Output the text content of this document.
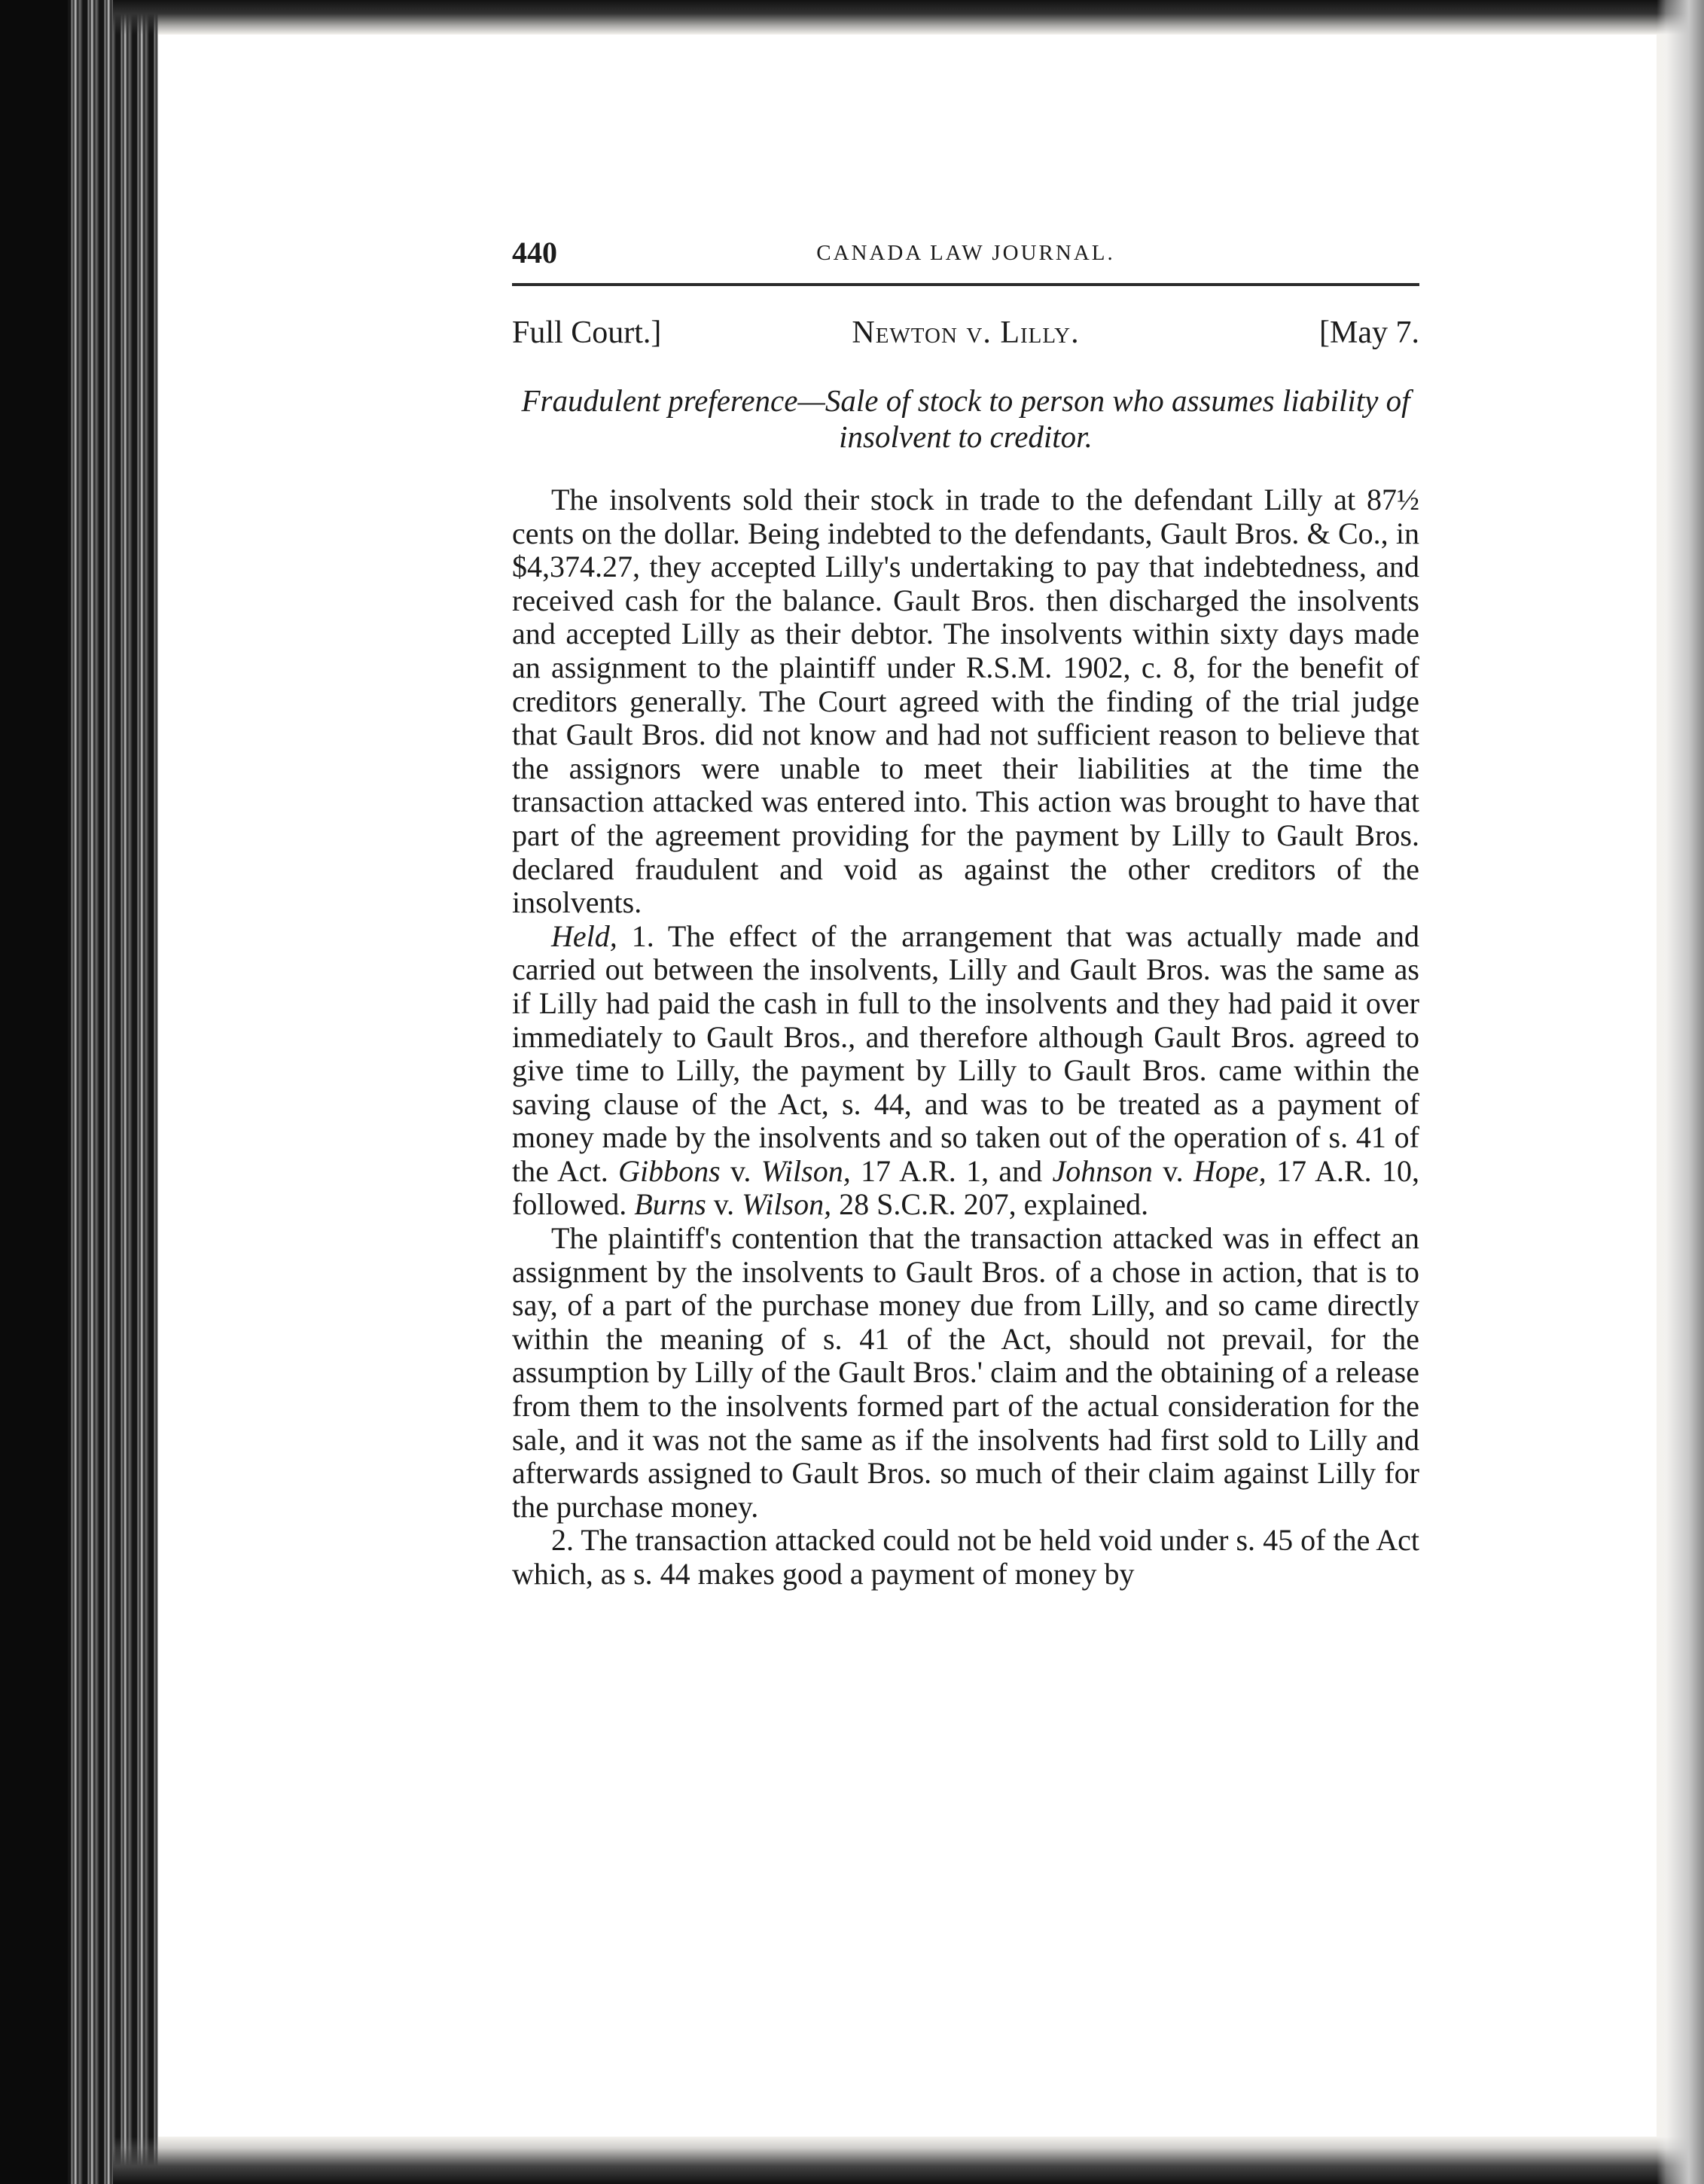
440	CANADA LAW JOURNAL.
Full Court.]	Newton v. Lilly.	[May 7.

Fraudulent preference—Sale of stock to person who assumes liability of insolvent to creditor.

The insolvents sold their stock in trade to the defendant Lilly at 87½ cents on the dollar. Being indebted to the defendants, Gault Bros. & Co., in $4,374.27, they accepted Lilly's undertaking to pay that indebtedness, and received cash for the balance. Gault Bros. then discharged the insolvents and accepted Lilly as their debtor. The insolvents within sixty days made an assignment to the plaintiff under R.S.M. 1902, c. 8, for the benefit of creditors generally. The Court agreed with the finding of the trial judge that Gault Bros. did not know and had not sufficient reason to believe that the assignors were unable to meet their liabilities at the time the transaction attacked was entered into. This action was brought to have that part of the agreement providing for the payment by Lilly to Gault Bros. declared fraudulent and void as against the other creditors of the insolvents.

Held, 1. The effect of the arrangement that was actually made and carried out between the insolvents, Lilly and Gault Bros. was the same as if Lilly had paid the cash in full to the insolvents and they had paid it over immediately to Gault Bros., and therefore although Gault Bros. agreed to give time to Lilly, the payment by Lilly to Gault Bros. came within the saving clause of the Act, s. 44, and was to be treated as a payment of money made by the insolvents and so taken out of the operation of s. 41 of the Act. Gibbons v. Wilson, 17 A.R. 1, and Johnson v. Hope, 17 A.R. 10, followed. Burns v. Wilson, 28 S.C.R. 207, explained.

The plaintiff's contention that the transaction attacked was in effect an assignment by the insolvents to Gault Bros. of a chose in action, that is to say, of a part of the purchase money due from Lilly, and so came directly within the meaning of s. 41 of the Act, should not prevail, for the assumption by Lilly of the Gault Bros.' claim and the obtaining of a release from them to the insolvents formed part of the actual consideration for the sale, and it was not the same as if the insolvents had first sold to Lilly and afterwards assigned to Gault Bros. so much of their claim against Lilly for the purchase money.

2. The transaction attacked could not be held void under s. 45 of the Act which, as s. 44 makes good a payment of money by
